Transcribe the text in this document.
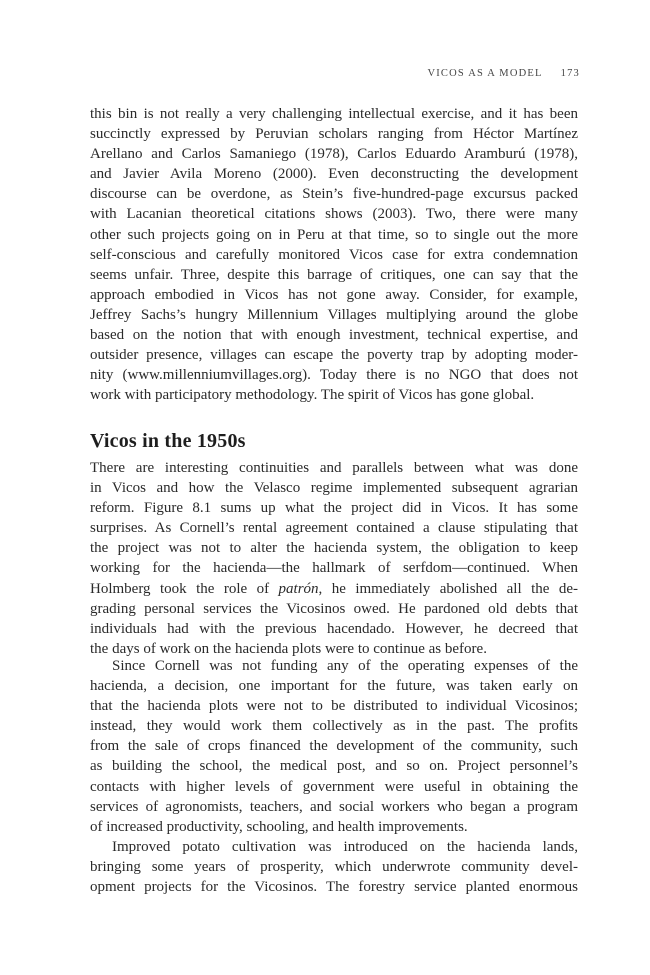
VICOS AS A MODEL 173

this bin is not really a very challenging intellectual exercise, and it has been
succinctly expressed by Peruvian scholars ranging from Héctor Martínez
Arellano and Carlos Samaniego (1978), Carlos Eduardo Aramburú (1978),
and Javier Avila Moreno (2000). Even deconstructing the development
discourse can be overdone, as Stein’s five-hundred-page excursus packed
with Lacanian theoretical citations shows (2003). Two, there were many
other such projects going on in Peru at that time, so to single out the more
self-conscious and carefully monitored Vicos case for extra condemnation
seems unfair. Three, despite this barrage of critiques, one can say that the
approach embodied in Vicos has not gone away. Consider, for example,
Jeffrey Sachs’s hungry Millennium Villages multiplying around the globe
based on the notion that with enough investment, technical expertise, and
outsider presence, villages can escape the poverty trap by adopting moder-
nity (www.millenniumvillages.org). Today there is no NGO that does not
work with participatory methodology. The spirit of Vicos has gone global.

Vicos in the 1950s

There are interesting continuities and parallels between what was done
in Vicos and how the Velasco regime implemented subsequent agrarian
reform. Figure 8.1 sums up what the project did in Vicos. It has some
surprises. As Cornell’s rental agreement contained a clause stipulating that
the project was not to alter the hacienda system, the obligation to keep
working for the hacienda—the hallmark of serfdom—continued. When
Holmberg took the role of patrón, he immediately abolished all the de-
grading personal services the Vicosinos owed. He pardoned old debts that
individuals had with the previous hacendado. However, he decreed that
the days of work on the hacienda plots were to continue as before.

Since Cornell was not funding any of the operating expenses of the
hacienda, a decision, one important for the future, was taken early on
that the hacienda plots were not to be distributed to individual Vicosinos;
instead, they would work them collectively as in the past. The profits
from the sale of crops financed the development of the community, such
as building the school, the medical post, and so on. Project personnel’s
contacts with higher levels of government were useful in obtaining the
services of agronomists, teachers, and social workers who began a program
of increased productivity, schooling, and health improvements.

Improved potato cultivation was introduced on the hacienda lands,
bringing some years of prosperity, which underwrote community devel-
opment projects for the Vicosinos. The forestry service planted enormous
